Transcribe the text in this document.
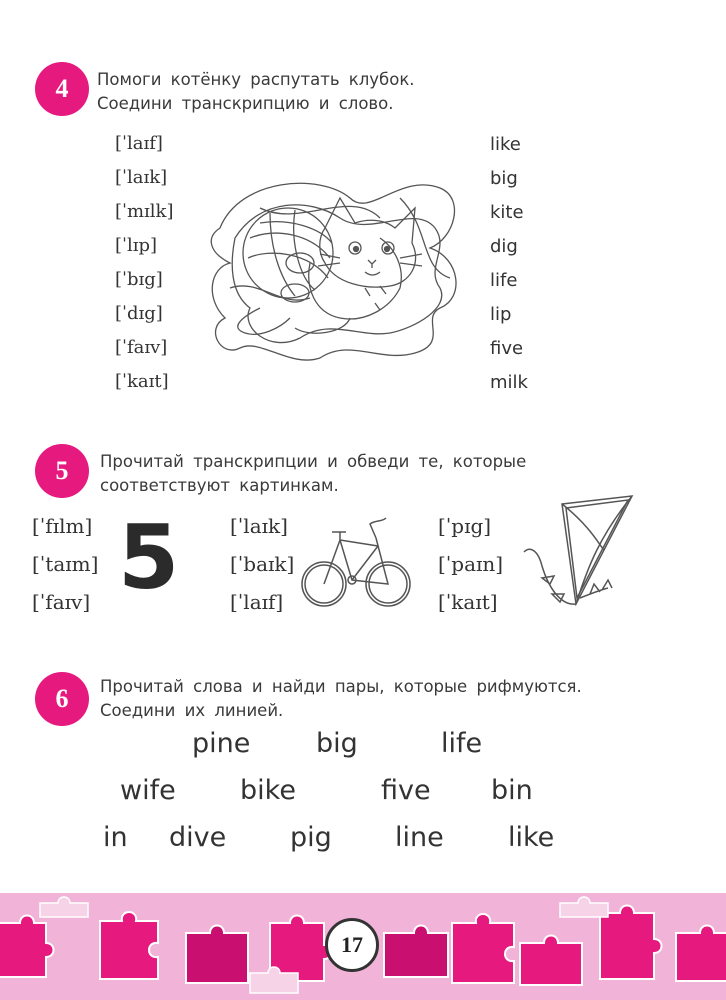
4 Помоги котёнку распутать клубок.
Соедини транскрипцию и слово.
[ˈlaɪf]
[ˈlaɪk]
[ˈmɪlk]
[ˈlɪp]
[ˈbɪg]
[ˈdɪg]
[ˈfaɪv]
[ˈkaɪt]
like
big
kite
dig
life
lip
five
milk
5 Прочитай транскрипции и обведи те, которые
соответствуют картинкам.
[ˈfɪlm]
[ˈtaɪm]
[ˈfaɪv] 5	[ˈlaɪk]
[ˈbaɪk]
[ˈlaɪf]
[ˈpɪg]
[ˈpaɪn]
[ˈkaɪt]
6 Прочитай слова и найди пары, которые рифмуются.
Соедини их линией.
pine big	life
wife bike	five bin
in dive pig line like
17
